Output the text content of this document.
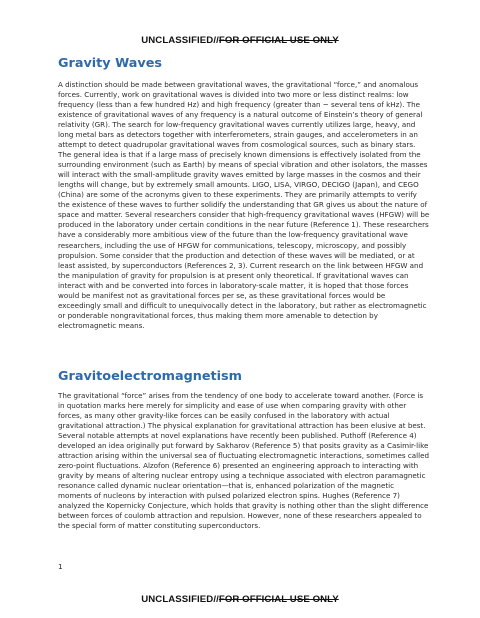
UNCLASSIFIED//FOR OFFICIAL USE ONLY
Gravity Waves

A distinction should be made between gravitational waves, the gravitational “force,” and anomalous forces. Currently, work on gravitational waves is divided into two more or less distinct realms: low frequency (less than a few hundred Hz) and high frequency (greater than ~ several tens of kHz). The existence of gravitational waves of any frequency is a natural outcome of Einstein’s theory of general relativity (GR). The search for low-frequency gravitational waves currently utilizes large, heavy, and long metal bars as detectors together with interferometers, strain gauges, and accelerometers in an attempt to detect quadrupolar gravitational waves from cosmological sources, such as binary stars. The general idea is that if a large mass of precisely known dimensions is effectively isolated from the surrounding environment (such as Earth) by means of special vibration and other isolators, the masses will interact with the small-amplitude gravity waves emitted by large masses in the cosmos and their lengths will change, but by extremely small amounts. LIGO, LISA, VIRGO, DECIGO (Japan), and CEGO (China) are some of the acronyms given to these experiments. They are primarily attempts to verify the existence of these waves to further solidify the understanding that GR gives us about the nature of space and matter. Several researchers consider that high-frequency gravitational waves (HFGW) will be produced in the laboratory under certain conditions in the near future (Reference 1). These researchers have a considerably more ambitious view of the future than the low-frequency gravitational wave researchers, including the use of HFGW for communications, telescopy, microscopy, and possibly propulsion. Some consider that the production and detection of these waves will be mediated, or at least assisted, by superconductors (References 2, 3). Current research on the link between HFGW and the manipulation of gravity for propulsion is at present only theoretical. If gravitational waves can interact with and be converted into forces in laboratory-scale matter, it is hoped that those forces would be manifest not as gravitational forces per se, as these gravitational forces would be exceedingly small and difficult to unequivocally detect in the laboratory, but rather as electromagnetic or ponderable nongravitational forces, thus making them more amenable to detection by electromagnetic means.

Gravitoelectromagnetism

The gravitational “force” arises from the tendency of one body to accelerate toward another. (Force is in quotation marks here merely for simplicity and ease of use when comparing gravity with other forces, as many other gravity-like forces can be easily confused in the laboratory with actual gravitational attraction.) The physical explanation for gravitational attraction has been elusive at best. Several notable attempts at novel explanations have recently been published. Puthoff (Reference 4) developed an idea originally put forward by Sakharov (Reference 5) that posits gravity as a Casimir-like attraction arising within the universal sea of fluctuating electromagnetic interactions, sometimes called zero-point fluctuations. Alzofon (Reference 6) presented an engineering approach to interacting with gravity by means of altering nuclear entropy using a technique associated with electron paramagnetic resonance called dynamic nuclear orientation—that is, enhanced polarization of the magnetic moments of nucleons by interaction with pulsed polarized electron spins. Hughes (Reference 7) analyzed the Kopernicky Conjecture, which holds that gravity is nothing other than the slight difference between forces of coulomb attraction and repulsion. However, none of these researchers appealed to the special form of matter constituting superconductors.

1
UNCLASSIFIED//FOR OFFICIAL USE ONLY
